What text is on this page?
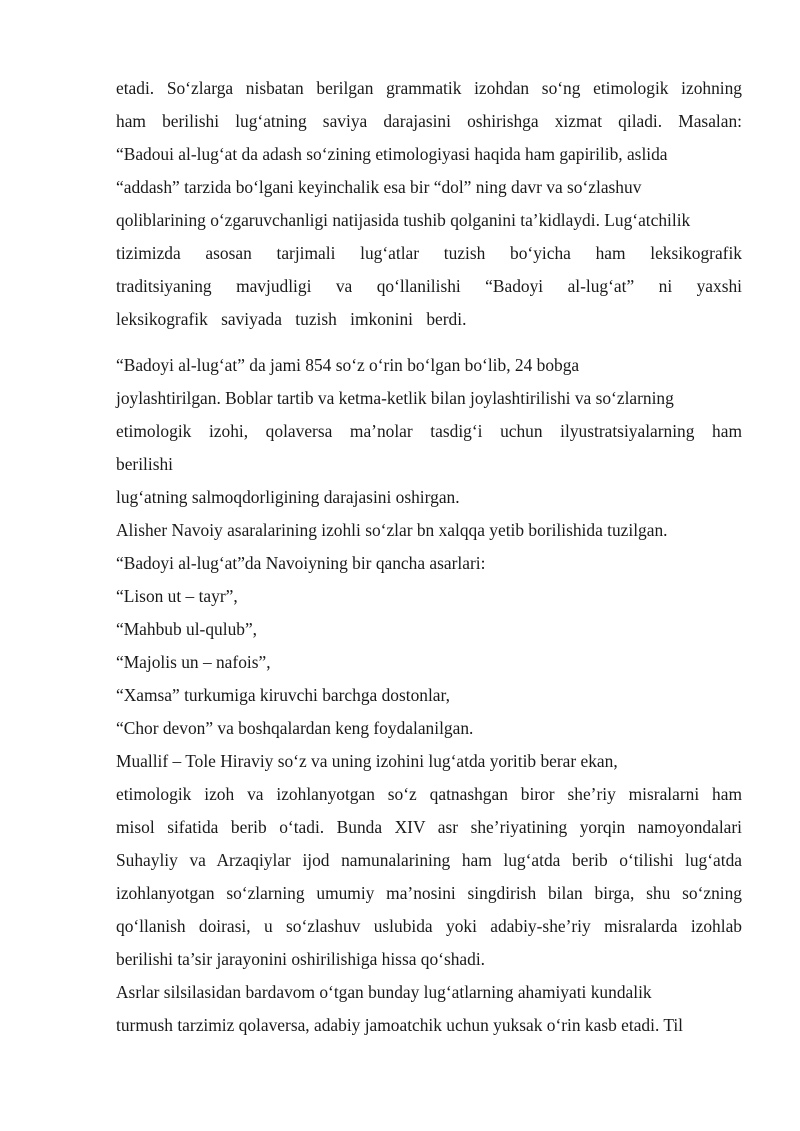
etadi. So‘zlarga nisbatan berilgan grammatik izohdan so‘ng etimologik izohning
ham berilishi lug‘atning saviya darajasini oshirishga xizmat qiladi. Masalan:
“Badoui al-lug‘at da adash so‘zining etimologiyasi haqida ham gapirilib, aslida
“addash” tarzida bo‘lgani keyinchalik esa bir “dol” ning davr va so‘zlashuv
qoliblarining o‘zgaruvchanligi natijasida tushib qolganini ta’kidlaydi. Lug‘atchilik
tizimizda asosan tarjimali lug‘atlar tuzish bo‘yicha ham leksikografik
traditsiyaning mavjudligi va qo‘llanilishi “Badoyi al-lug‘at” ni yaxshi
leksikografik saviyada tuzish imkonini berdi.
“Badoyi al-lug‘at” da jami 854 so‘z o‘rin bo‘lgan bo‘lib, 24 bobga
joylashtirilgan. Boblar tartib va ketma-ketlik bilan joylashtirilishi va so‘zlarning
etimologik izohi, qolaversa ma’nolar tasdig‘i uchun ilyustratsiyalarning ham
berilishi
lug‘atning salmoqdorligining darajasini oshirgan.
Alisher Navoiy asaralarining izohli so‘zlar bn xalqqa yetib borilishida tuzilgan.
“Badoyi al-lug‘at”da Navoiyning bir qancha asarlari:
“Lison ut – tayr”,
“Mahbub ul-qulub”,
“Majolis un – nafois”,
“Xamsa” turkumiga kiruvchi barchga dostonlar,
“Chor devon” va boshqalardan keng foydalanilgan.
Muallif – Tole Hiraviy so‘z va uning izohini lug‘atda yoritib berar ekan,
etimologik izoh va izohlanyotgan so‘z qatnashgan biror she’riy misralarni ham
misol sifatida berib o‘tadi. Bunda XIV asr she’riyatining yorqin namoyondalari
Suhayliy va Arzaqiylar ijod namunalarining ham lug‘atda berib o‘tilishi lug‘atda
izohlanyotgan so‘zlarning umumiy ma’nosini singdirish bilan birga, shu so‘zning
qo‘llanish doirasi, u so‘zlashuv uslubida yoki adabiy-she’riy misralarda izohlab
berilishi ta’sir jarayonini oshirilishiga hissa qo‘shadi.
Asrlar silsilasidan bardavom o‘tgan bunday lug‘atlarning ahamiyati kundalik
turmush tarzimiz qolaversa, adabiy jamoatchik uchun yuksak o‘rin kasb etadi. Til
